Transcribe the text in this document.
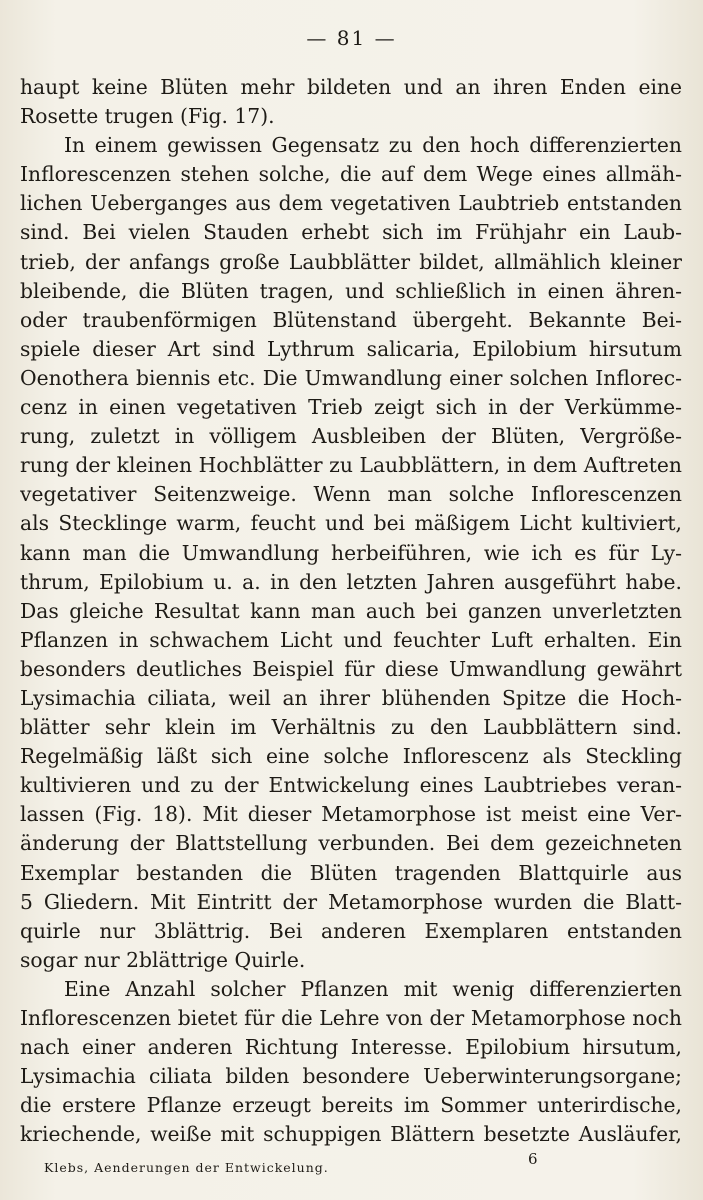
— 81 —
haupt keine Blüten mehr bildeten und an ihren Enden eine
Rosette trugen (Fig. 17).
In einem gewissen Gegensatz zu den hoch differenzierten
Inflorescenzen stehen solche, die auf dem Wege eines allmäh-
lichen Ueberganges aus dem vegetativen Laubtrieb entstanden
sind. Bei vielen Stauden erhebt sich im Frühjahr ein Laub-
trieb, der anfangs große Laubblätter bildet, allmählich kleiner
bleibende, die Blüten tragen, und schließlich in einen ähren-
oder traubenförmigen Blütenstand übergeht. Bekannte Bei-
spiele dieser Art sind Lythrum salicaria, Epilobium hirsutum
Oenothera biennis etc. Die Umwandlung einer solchen Infloreс-
cenz in einen vegetativen Trieb zeigt sich in der Verkümme-
rung, zuletzt in völligem Ausbleiben der Blüten, Vergröße-
rung der kleinen Hochblätter zu Laubblättern, in dem Auftreten
vegetativer Seitenzweige. Wenn man solche Inflorescenzen
als Stecklinge warm, feucht und bei mäßigem Licht kultiviert,
kann man die Umwandlung herbeiführen, wie ich es für Ly-
thrum, Epilobium u. a. in den letzten Jahren ausgeführt habe.
Das gleiche Resultat kann man auch bei ganzen unverletzten
Pflanzen in schwachem Licht und feuchter Luft erhalten. Ein
besonders deutliches Beispiel für diese Umwandlung gewährt
Lysimachia ciliata, weil an ihrer blühenden Spitze die Hoch-
blätter sehr klein im Verhältnis zu den Laubblättern sind.
Regelmäßig läßt sich eine solche Inflorescenz als Steckling
kultivieren und zu der Entwickelung eines Laubtriebes veran-
lassen (Fig. 18). Mit dieser Metamorphose ist meist eine Ver-
änderung der Blattstellung verbunden. Bei dem gezeichneten
Exemplar bestanden die Blüten tragenden Blattquirle aus
5 Gliedern. Mit Eintritt der Metamorphose wurden die Blatt-
quirle nur 3blättrig. Bei anderen Exemplaren entstanden
sogar nur 2blättrige Quirle.
Eine Anzahl solcher Pflanzen mit wenig differenzierten
Inflorescenzen bietet für die Lehre von der Metamorphose noch
nach einer anderen Richtung Interesse. Epilobium hirsutum,
Lysimachia ciliata bilden besondere Ueberwinterungsorgane;
die erstere Pflanze erzeugt bereits im Sommer unterirdische,
kriechende, weiße mit schuppigen Blättern besetzte Ausläufer,
Klebs, Aenderungen der Entwickelung.	6
